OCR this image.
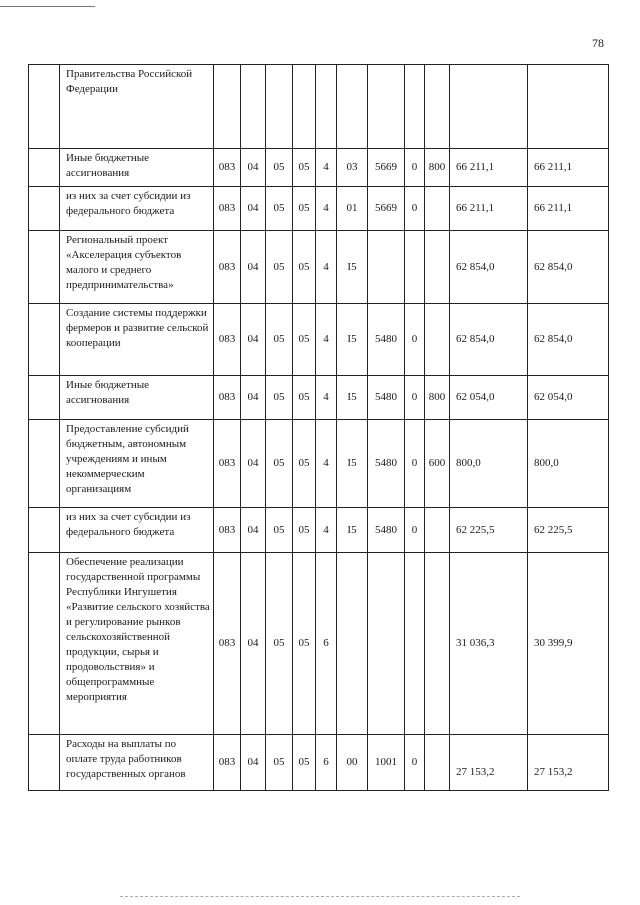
78
	Правительства Российской Федерации											
	Иные бюджетные ассигнования	083	04	05	05	4	03	5669	0	800	66 211,1	66 211,1
	из них за счет субсидии из федерального бюджета	083	04	05	05	4	01	5669	0		66 211,1	66 211,1
	Региональный проект «Акселерация субъектов малого и среднего предпринимательства»	083	04	05	05	4	I5				62 854,0	62 854,0
	Создание системы поддержки фермеров и развитие сельской кооперации	083	04	05	05	4	I5	5480	0		62 854,0	62 854,0
	Иные бюджетные ассигнования	083	04	05	05	4	I5	5480	0	800	62 054,0	62 054,0
	Предоставление субсидий бюджетным, автономным учреждениям и иным некоммерческим организациям	083	04	05	05	4	I5	5480	0	600	800,0	800,0
	из них за счет субсидии из федерального бюджета	083	04	05	05	4	I5	5480	0		62 225,5	62 225,5
	Обеспечение реализации государственной программы Республики Ингушетия «Развитие сельского хозяйства и регулирование рынков сельскохозяйственной продукции, сырья и продовольствия» и общепрограммные мероприятия	083	04	05	05	6					31 036,3	30 399,9
	Расходы на выплаты по оплате труда работников государственных органов	083	04	05	05	6	00	1001	0		27 153,2	27 153,2
